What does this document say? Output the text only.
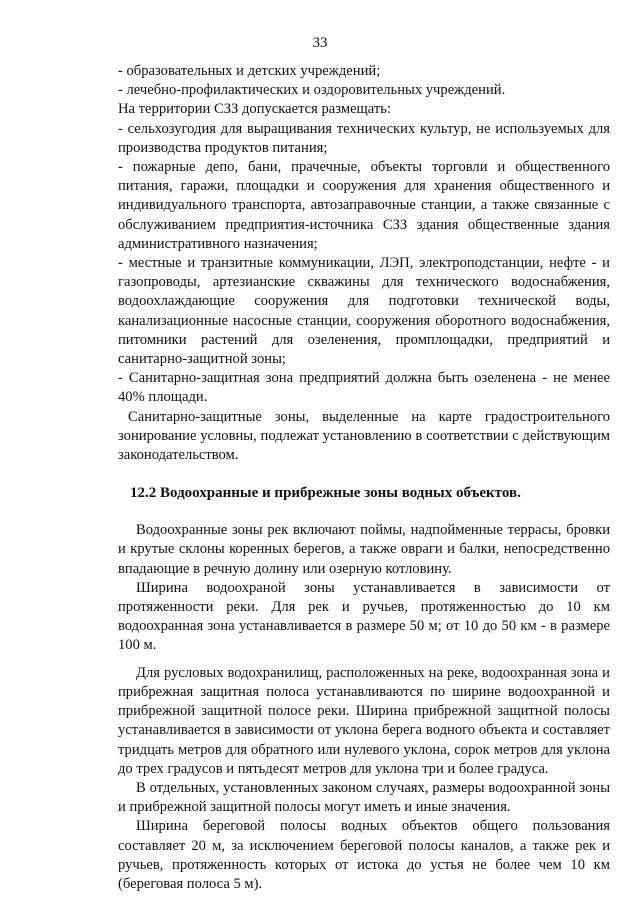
33

- образовательных и детских учреждений;

- лечебно-профилактических и оздоровительных учреждений.

На территории СЗЗ допускается размещать:

- сельхозугодия для выращивания технических культур, не используемых для производства продуктов питания;

- пожарные депо, бани, прачечные, объекты торговли и общественного питания, гаражи, площадки и сооружения для хранения общественного и индивидуального транспорта, автозаправочные станции, а также связанные с обслуживанием предприятия-источника СЗЗ здания общественные здания административного назначения;

- местные и транзитные коммуникации, ЛЭП, электроподстанции, нефте - и газопроводы, артезианские скважины для технического водоснабжения, водоохлаждающие сооружения для подготовки технической воды, канализационные насосные станции, сооружения оборотного водоснабжения, питомники растений для озеленения, промплощадки, предприятий и санитарно-защитной зоны;

- Санитарно-защитная зона предприятий должна быть озеленена - не менее 40% площади.

Санитарно-защитные зоны, выделенные на карте градостроительного зонирование условны, подлежат установлению в соответствии с действующим законодательством.

12.2 Водоохранные и прибрежные зоны водных объектов.

Водоохранные зоны рек включают поймы, надпойменные террасы, бровки и крутые склоны коренных берегов, а также овраги и балки, непосредственно впадающие в речную долину или озерную котловину.

Ширина водоохраной зоны устанавливается в зависимости от протяженности реки. Для рек и ручьев, протяженностью до 10 км водоохранная зона устанавливается в размере 50 м; от 10 до 50 км - в размере 100 м.

Для русловых водохранилищ, расположенных на реке, водоохранная зона и прибрежная защитная полоса устанавливаются по ширине водоохранной и прибрежной защитной полосе реки. Ширина прибрежной защитной полосы устанавливается в зависимости от уклона берега водного объекта и составляет тридцать метров для обратного или нулевого уклона, сорок метров для уклона до трех градусов и пятьдесят метров для уклона три и более градуса.

В отдельных, установленных законом случаях, размеры водоохранной зоны и прибрежной защитной полосы могут иметь и иные значения.

Ширина береговой полосы водных объектов общего пользования составляет 20 м, за исключением береговой полосы каналов, а также рек и ручьев, протяженность которых от истока до устья не более чем 10 км (береговая полоса 5 м).
